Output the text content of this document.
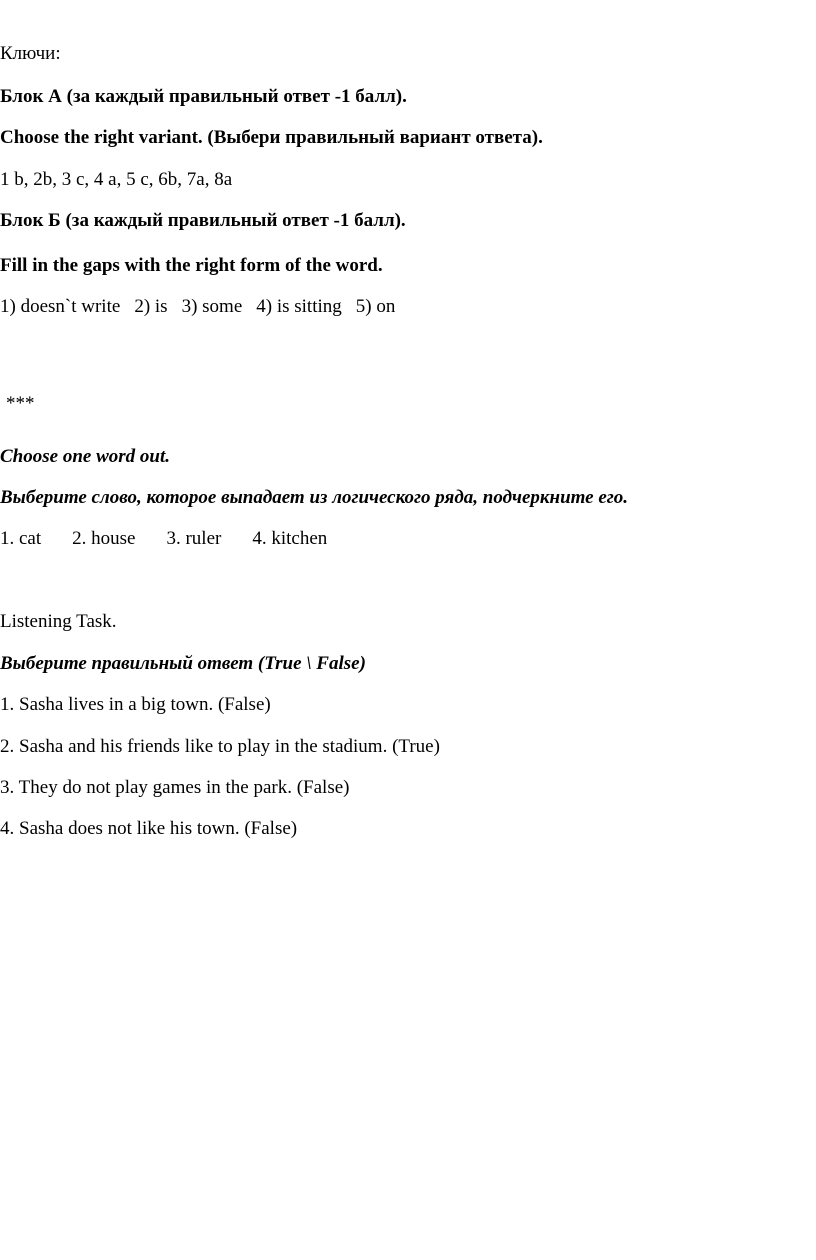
Ключи:

Блок А (за каждый правильный ответ -1 балл).

Choose the right variant. (Выбери правильный вариант ответа).

1 b, 2b, 3 c, 4 a, 5 c, 6b, 7a, 8a

Блок Б (за каждый правильный ответ -1 балл).

Fill in the gaps with the right form of the word.

1) doesn`t write 2) is 3) some 4) is sitting 5) on

***

Choose one word out.

Выберите слово, которое выпадает из логического ряда, подчеркните его.

1. cat 2. house 3. ruler 4. kitchen

Listening Task.

Выберите правильный ответ (True \ False)

1. Sasha lives in a big town. (False)

2. Sasha and his friends like to play in the stadium. (True)

3. They do not play games in the park. (False)

4. Sasha does not like his town. (False)
